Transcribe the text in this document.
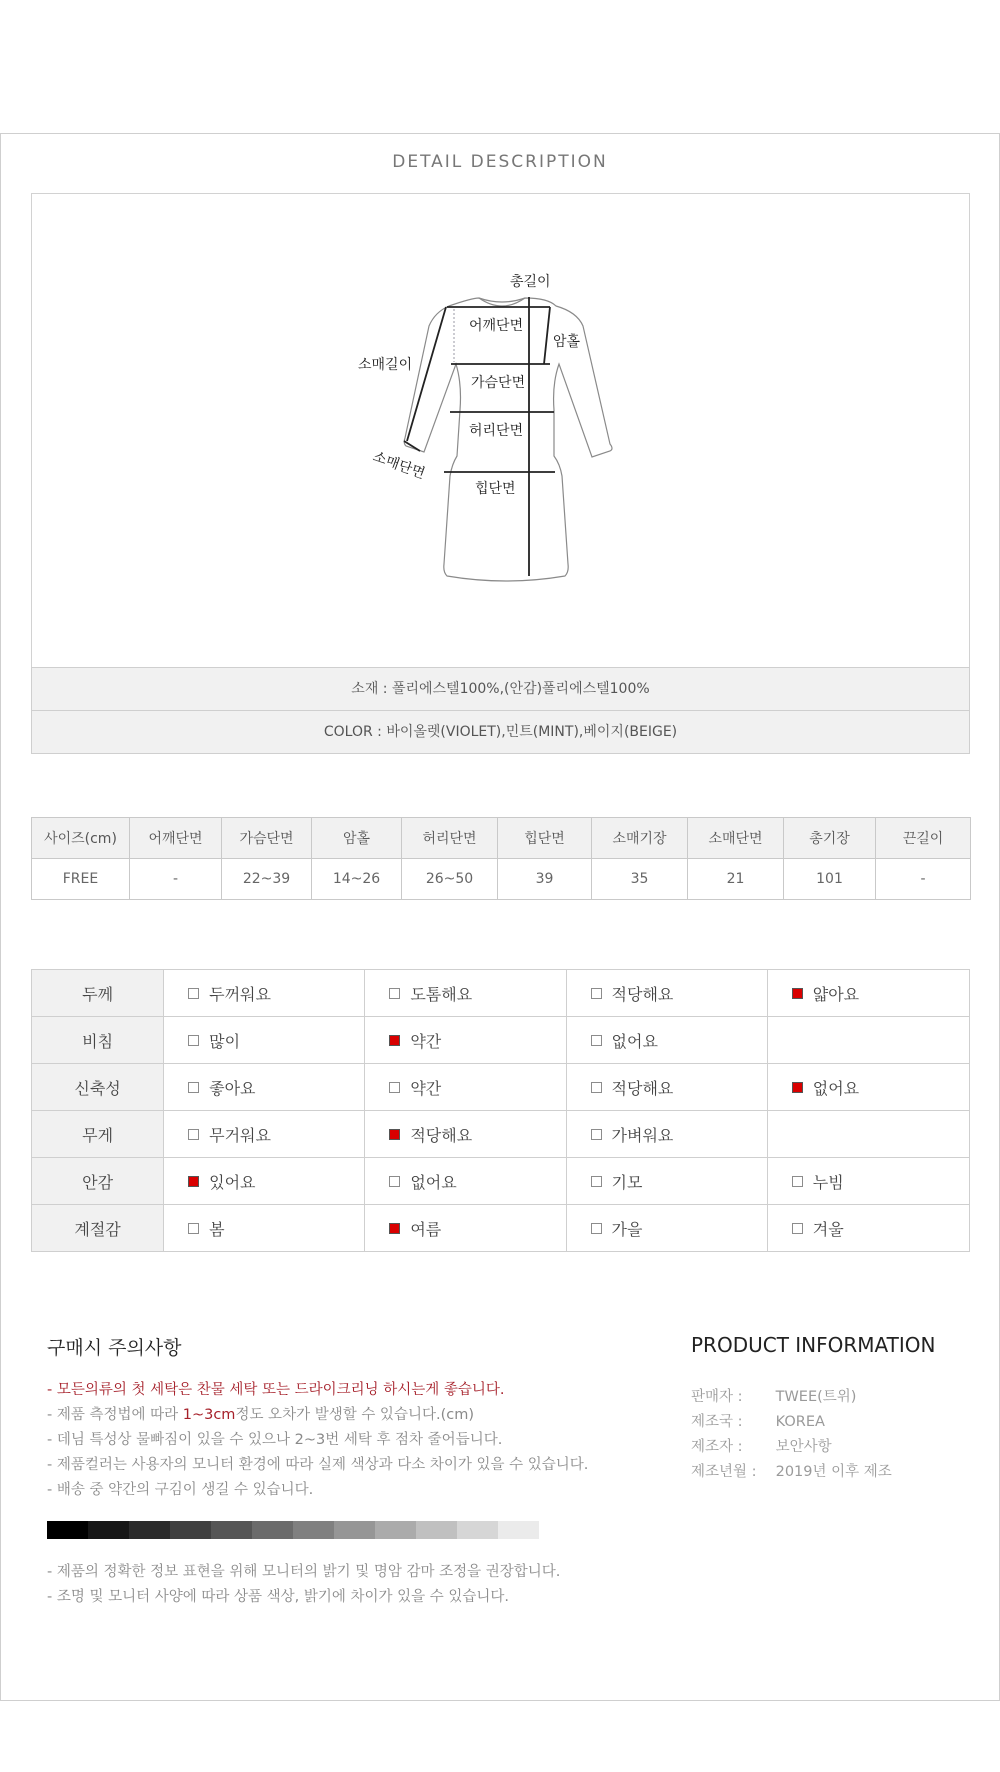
DETAIL DESCRIPTION
총길이
어깨단면
암홀
소매길이
가슴단면
허리단면
힙단면
소매단면
소재 : 폴리에스텔100%,(안감)폴리에스텔100%
COLOR : 바이올렛(VIOLET),민트(MINT),베이지(BEIGE)
사이즈(cm)	어깨단면	가슴단면	암홀	허리단면	힙단면	소매기장	소매단면	총기장	끈길이
FREE	-	22~39	14~26	26~50	39	35	21	101	-
두께	두꺼워요	도톰해요	적당해요	얇아요
비침	많이	약간	없어요	
신축성	좋아요	약간	적당해요	없어요
무게	무거워요	적당해요	가벼워요	
안감	있어요	없어요	기모	누빔
계절감	봄	여름	가을	겨울
구매시 주의사항
- 모든의류의 첫 세탁은 찬물 세탁 또는 드라이크리닝 하시는게 좋습니다.
- 제품 측정법에 따라 1~3cm정도 오차가 발생할 수 있습니다.(cm)
- 데님 특성상 물빠짐이 있을 수 있으나 2~3번 세탁 후 점차 줄어듭니다.
- 제품컬러는 사용자의 모니터 환경에 따라 실제 색상과 다소 차이가 있을 수 있습니다.
- 배송 중 약간의 구김이 생길 수 있습니다.
- 제품의 정확한 정보 표현을 위해 모니터의 밝기 및 명암 감마 조정을 권장합니다.
- 조명 및 모니터 사양에 따라 상품 색상, 밝기에 차이가 있을 수 있습니다.
PRODUCT INFORMATION
판매자 : TWEE(트위)
제조국 : KOREA
제조자 : 보안사항
제조년월 : 2019년 이후 제조
